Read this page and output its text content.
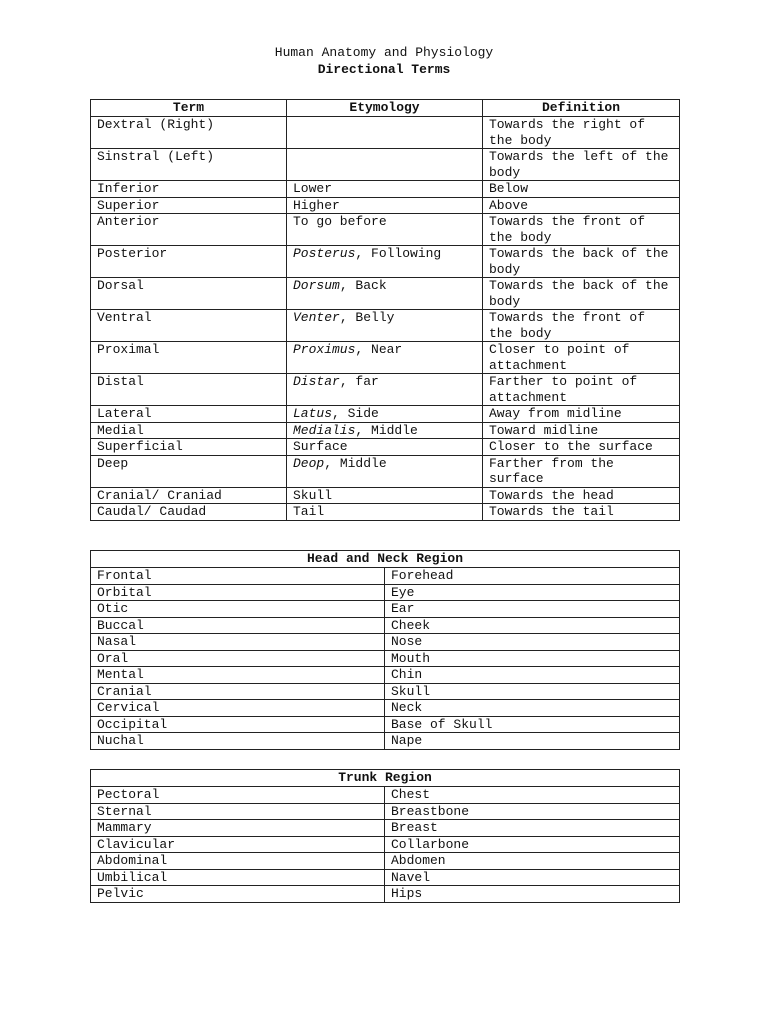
Human Anatomy and Physiology
Directional Terms
Term	Etymology	Definition
Dextral (Right)		Towards the right of the body
Sinstral (Left)		Towards the left of the body
Inferior	Lower	Below
Superior	Higher	Above
Anterior	To go before	Towards the front of the body
Posterior	Posterus, Following	Towards the back of the body
Dorsal	Dorsum, Back	Towards the back of the body
Ventral	Venter, Belly	Towards the front of the body
Proximal	Proximus, Near	Closer to point of attachment
Distal	Distar, far	Farther to point of attachment
Lateral	Latus, Side	Away from midline
Medial	Medialis, Middle	Toward midline
Superficial	Surface	Closer to the surface
Deep	Deop, Middle	Farther from the surface
Cranial/ Craniad	Skull	Towards the head
Caudal/ Caudad	Tail	Towards the tail
Head and Neck Region	
Frontal	Forehead
Orbital	Eye
Otic	Ear
Buccal	Cheek
Nasal	Nose
Oral	Mouth
Mental	Chin
Cranial	Skull
Cervical	Neck
Occipital	Base of Skull
Nuchal	Nape
Trunk Region	
Pectoral	Chest
Sternal	Breastbone
Mammary	Breast
Clavicular	Collarbone
Abdominal	Abdomen
Umbilical	Navel
Pelvic	Hips
